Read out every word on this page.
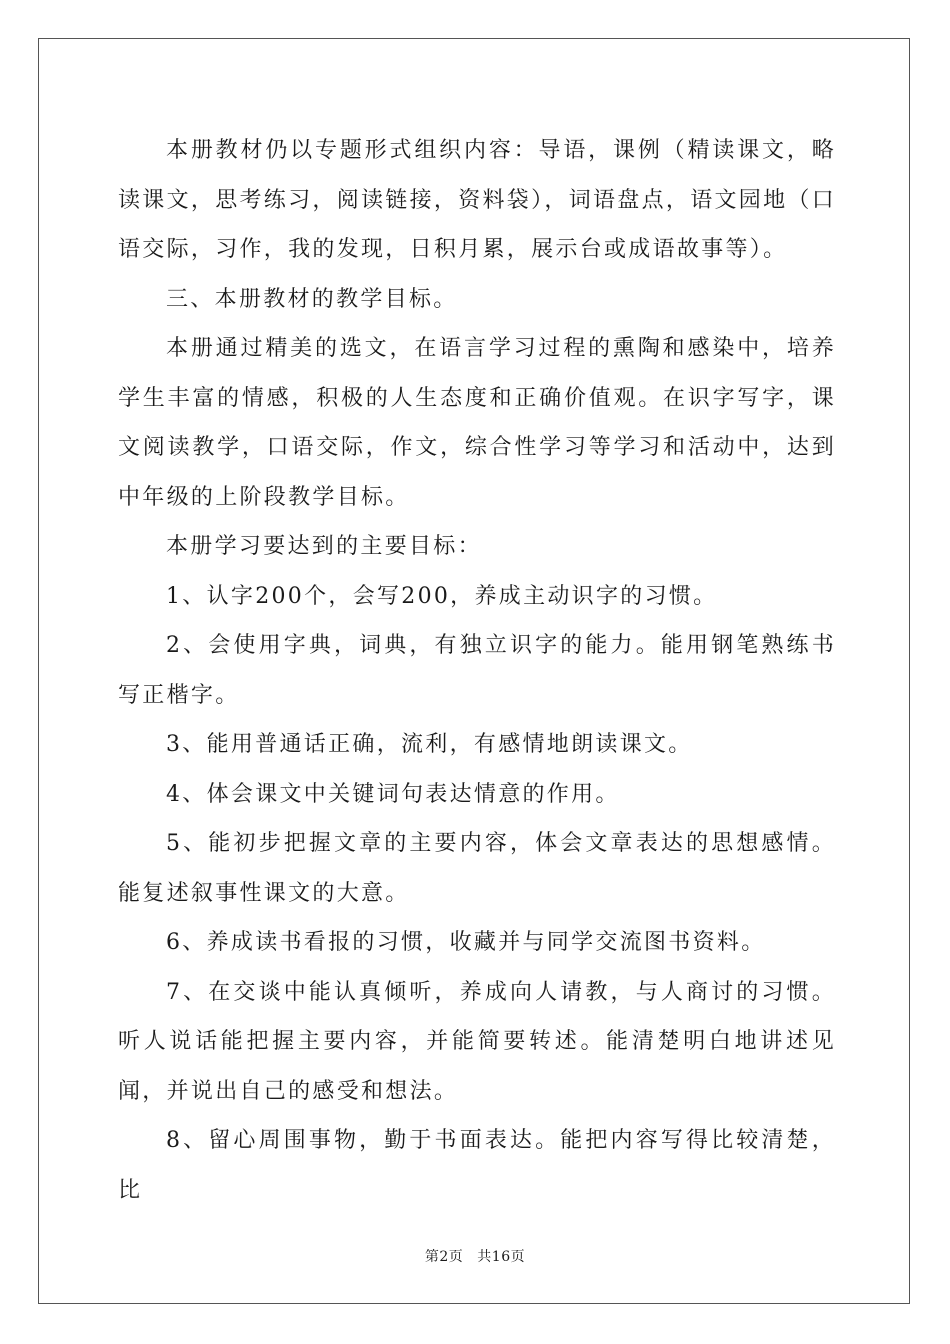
本册教材仍以专题形式组织内容：导语，课例（精读课文，略读课文，思考练习，阅读链接，资料袋），词语盘点，语文园地（口语交际，习作，我的发现，日积月累，展示台或成语故事等）。

三、本册教材的教学目标。

本册通过精美的选文，在语言学习过程的熏陶和感染中，培养学生丰富的情感，积极的人生态度和正确价值观。在识字写字，课文阅读教学，口语交际，作文，综合性学习等学习和活动中，达到中年级的上阶段教学目标。

本册学习要达到的主要目标：

1、认字200个，会写200，养成主动识字的习惯。

2、会使用字典，词典，有独立识字的能力。能用钢笔熟练书写正楷字。

3、能用普通话正确，流利，有感情地朗读课文。

4、体会课文中关键词句表达情意的作用。

5、能初步把握文章的主要内容，体会文章表达的思想感情。能复述叙事性课文的大意。

6、养成读书看报的习惯，收藏并与同学交流图书资料。

7、在交谈中能认真倾听，养成向人请教，与人商讨的习惯。听人说话能把握主要内容，并能简要转述。能清楚明白地讲述见闻，并说出自己的感受和想法。

8、留心周围事物，勤于书面表达。能把内容写得比较清楚，比

第2页 共16页
